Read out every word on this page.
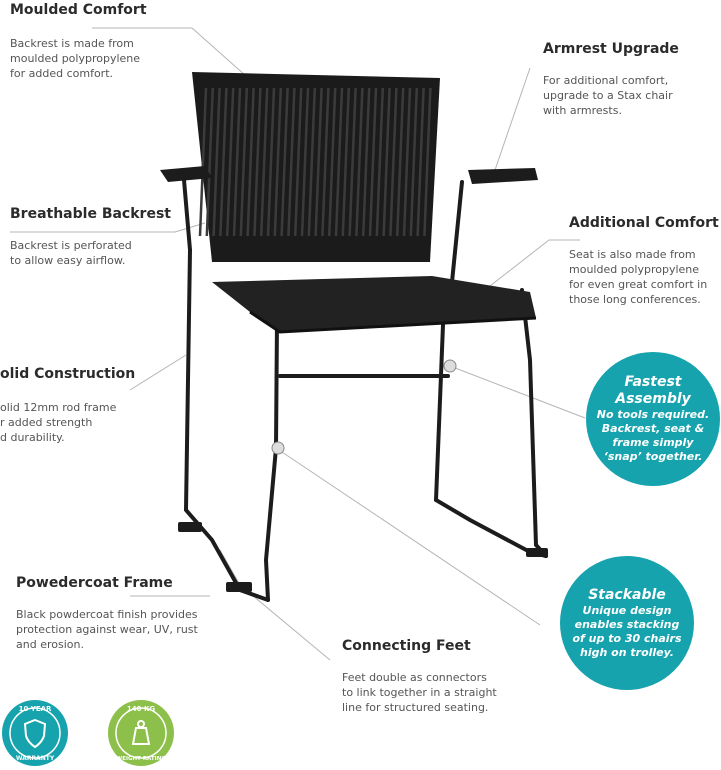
Moulded Comfort
Backrest is made from
moulded polypropylene
for added comfort.
Breathable Backrest
Backrest is perforated
to allow easy airflow.
olid Construction
olid 12mm rod frame
r added strength
d durability.
Powedercoat Frame
Black powdercoat finish provides
protection against wear, UV, rust
and erosion.	Connecting Feet
Feet double as connectors
to link together in a straight
line for structured seating.
Armrest Upgrade
For additional comfort,
upgrade to a Stax chair
with armrests.
Additional Comfort
Seat is also made from
moulded polypropylene
for even great comfort in
those long conferences.
Fastest
Assembly
No tools required.
Backrest, seat &
frame simply
‘snap’ together.
Stackable
Unique design
enables stacking
of up to 30 chairs
high on trolley.
10 YEAR
WARRANTY
140 KG
WEIGHT RATING
